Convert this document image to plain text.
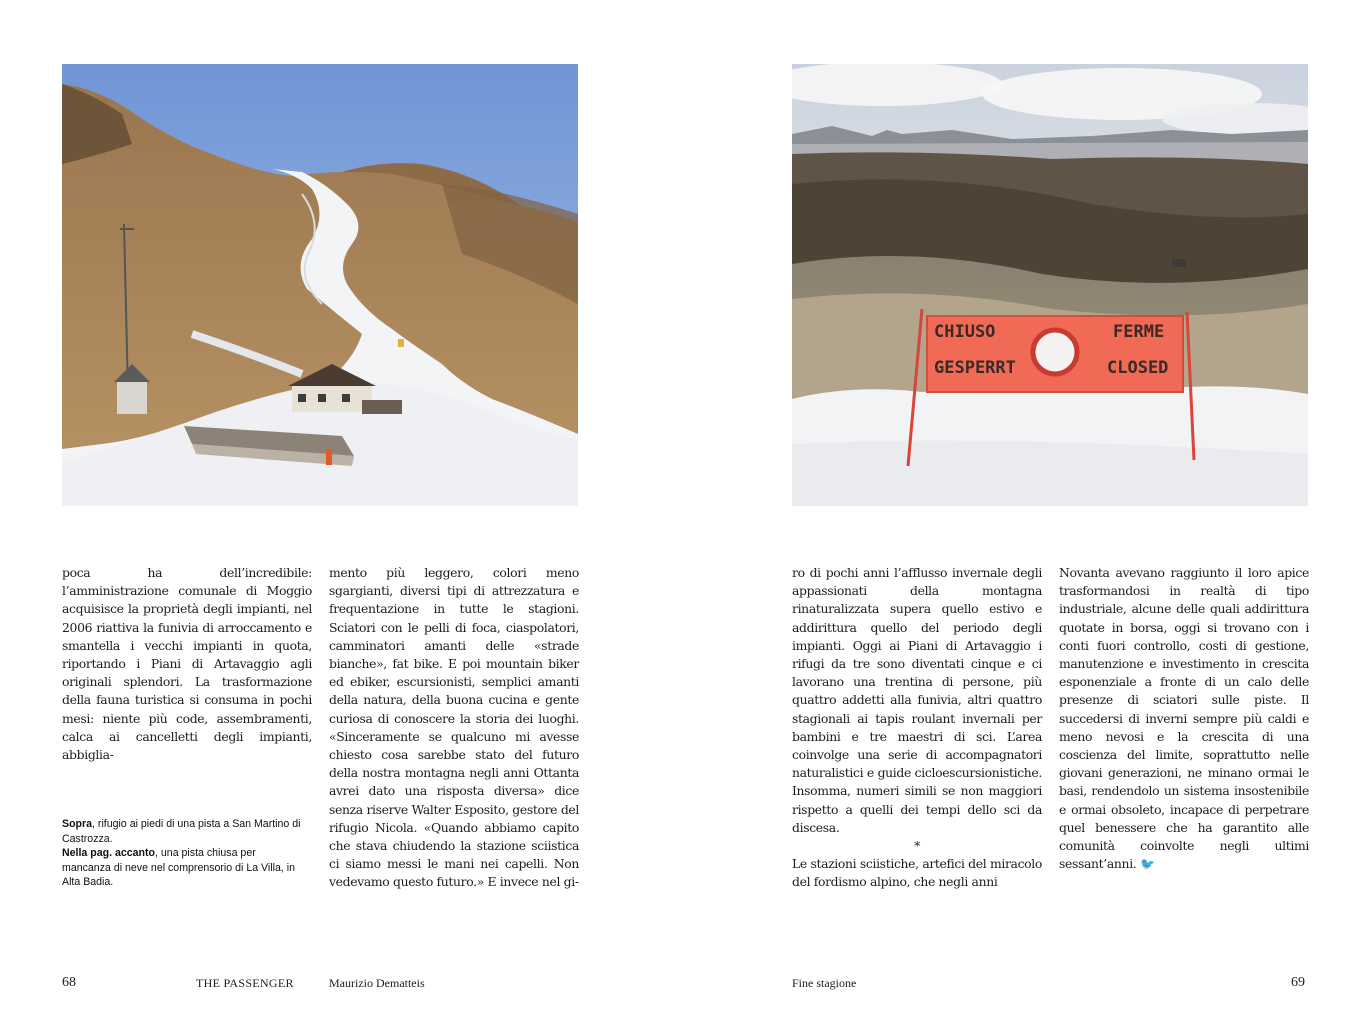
CHIUSO	FERME
GESPERRT	CLOSED

poca ha dell’incredibile: l’amministrazione comunale di Moggio acquisisce la proprietà degli impianti, nel 2006 riattiva la funivia di arroccamento e smantella i vecchi impianti in quota, riportando i Piani di Artavaggio agli originali splendori. La trasformazione della fauna turistica si consuma in pochi mesi: niente più code, assembramenti, calca ai cancelletti degli impianti, abbiglia-

mento più leggero, colori meno sgargianti, diversi tipi di attrezzatura e frequentazione in tutte le stagioni. Sciatori con le pelli di foca, ciaspolatori, camminatori amanti delle «strade bianche», fat bike. E poi mountain biker ed ebiker, escursionisti, semplici amanti della natura, della buona cucina e gente curiosa di conoscere la storia dei luoghi. «Sinceramente se qualcuno mi avesse chiesto cosa sarebbe stato del futuro della nostra montagna negli anni Ottanta avrei dato una risposta diversa» dice senza riserve Walter Esposito, gestore del rifugio Nicola. «Quando abbiamo capito che stava chiudendo la stazione sciistica ci siamo messi le mani nei capelli. Non vedevamo questo futuro.» E invece nel gi-

Sopra, rifugio ai piedi di una pista a San Martino di Castrozza.
Nella pag. accanto, una pista chiusa per mancanza di neve nel comprensorio di La Villa, in Alta Badia.

ro di pochi anni l’afflusso invernale degli appassionati della montagna rinaturalizzata supera quello estivo e addirittura quello del periodo degli impianti. Oggi ai Piani di Artavaggio i rifugi da tre sono diventati cinque e ci lavorano una trentina di persone, più quattro addetti alla funivia, altri quattro stagionali ai tapis roulant invernali per bambini e tre maestri di sci. L’area coinvolge una serie di accompagnatori naturalistici e guide cicloescursionistiche. Insomma, numeri simili se non maggiori rispetto a quelli dei tempi dello sci da discesa.

*

Le stazioni sciistiche, artefici del miracolo del fordismo alpino, che negli anni

Novanta avevano raggiunto il loro apice trasformandosi in realtà di tipo industriale, alcune delle quali addirittura quotate in borsa, oggi si trovano con i conti fuori controllo, costi di gestione, manutenzione e investimento in crescita esponenziale a fronte di un calo delle presenze di sciatori sulle piste. Il succedersi di inverni sempre più caldi e meno nevosi e la crescita di una coscienza del limite, soprattutto nelle giovani generazioni, ne minano ormai le basi, rendendolo un sistema insostenibile e ormai obsoleto, incapace di perpetrare quel benessere che ha garantito alle comunità coinvolte negli ultimi sessant’anni. 🐦

68	THE PASSENGER	Maurizio Dematteis	Fine stagione	69
